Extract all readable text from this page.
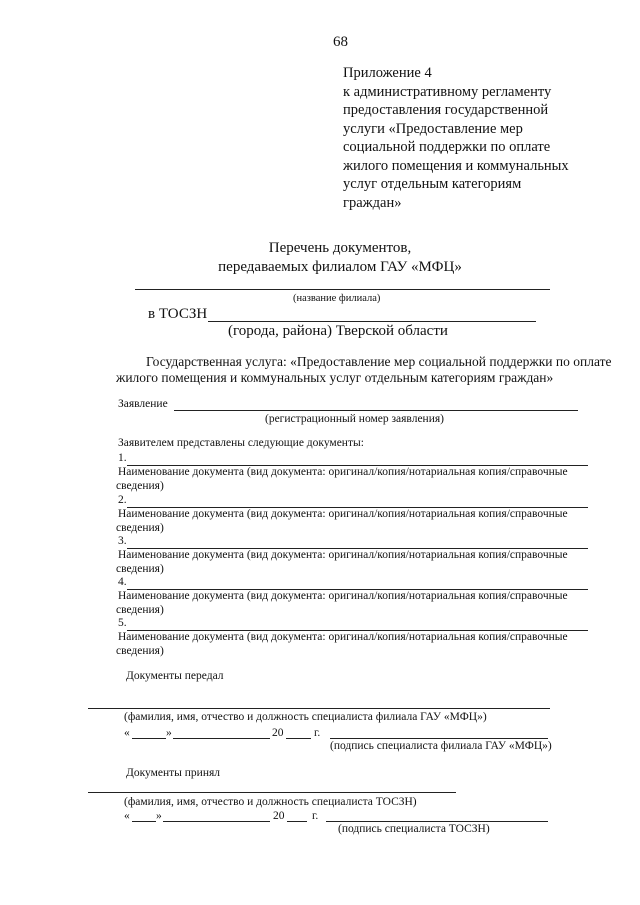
68
Приложение 4
к административному регламенту
предоставления государственной
услуги «Предоставление мер
социальной поддержки по оплате
жилого помещения и коммунальных
услуг отдельным категориям
граждан»
Перечень документов,
передаваемых филиалом ГАУ «МФЦ»
(название филиала)
в ТОСЗН
(города, района) Тверской области
Государственная услуга: «Предоставление мер социальной поддержки по оплате
жилого помещения и коммунальных услуг отдельным категориям граждан»
Заявление
(регистрационный номер заявления)
Заявителем представлены следующие документы:
1.
Наименование документа (вид документа: оригинал/копия/нотариальная копия/справочные
сведения)
2.
Наименование документа (вид документа: оригинал/копия/нотариальная копия/справочные
сведения)
3.
Наименование документа (вид документа: оригинал/копия/нотариальная копия/справочные
сведения)
4.
Наименование документа (вид документа: оригинал/копия/нотариальная копия/справочные
сведения)
5.
Наименование документа (вид документа: оригинал/копия/нотариальная копия/справочные
сведения)
Документы передал
(фамилия, имя, отчество и должность специалиста филиала ГАУ «МФЦ»)
«	»	20	г.
(подпись специалиста филиала ГАУ «МФЦ»)
Документы принял
(фамилия, имя, отчество и должность специалиста ТОСЗН)
« »	20 г.
(подпись специалиста ТОСЗН)
